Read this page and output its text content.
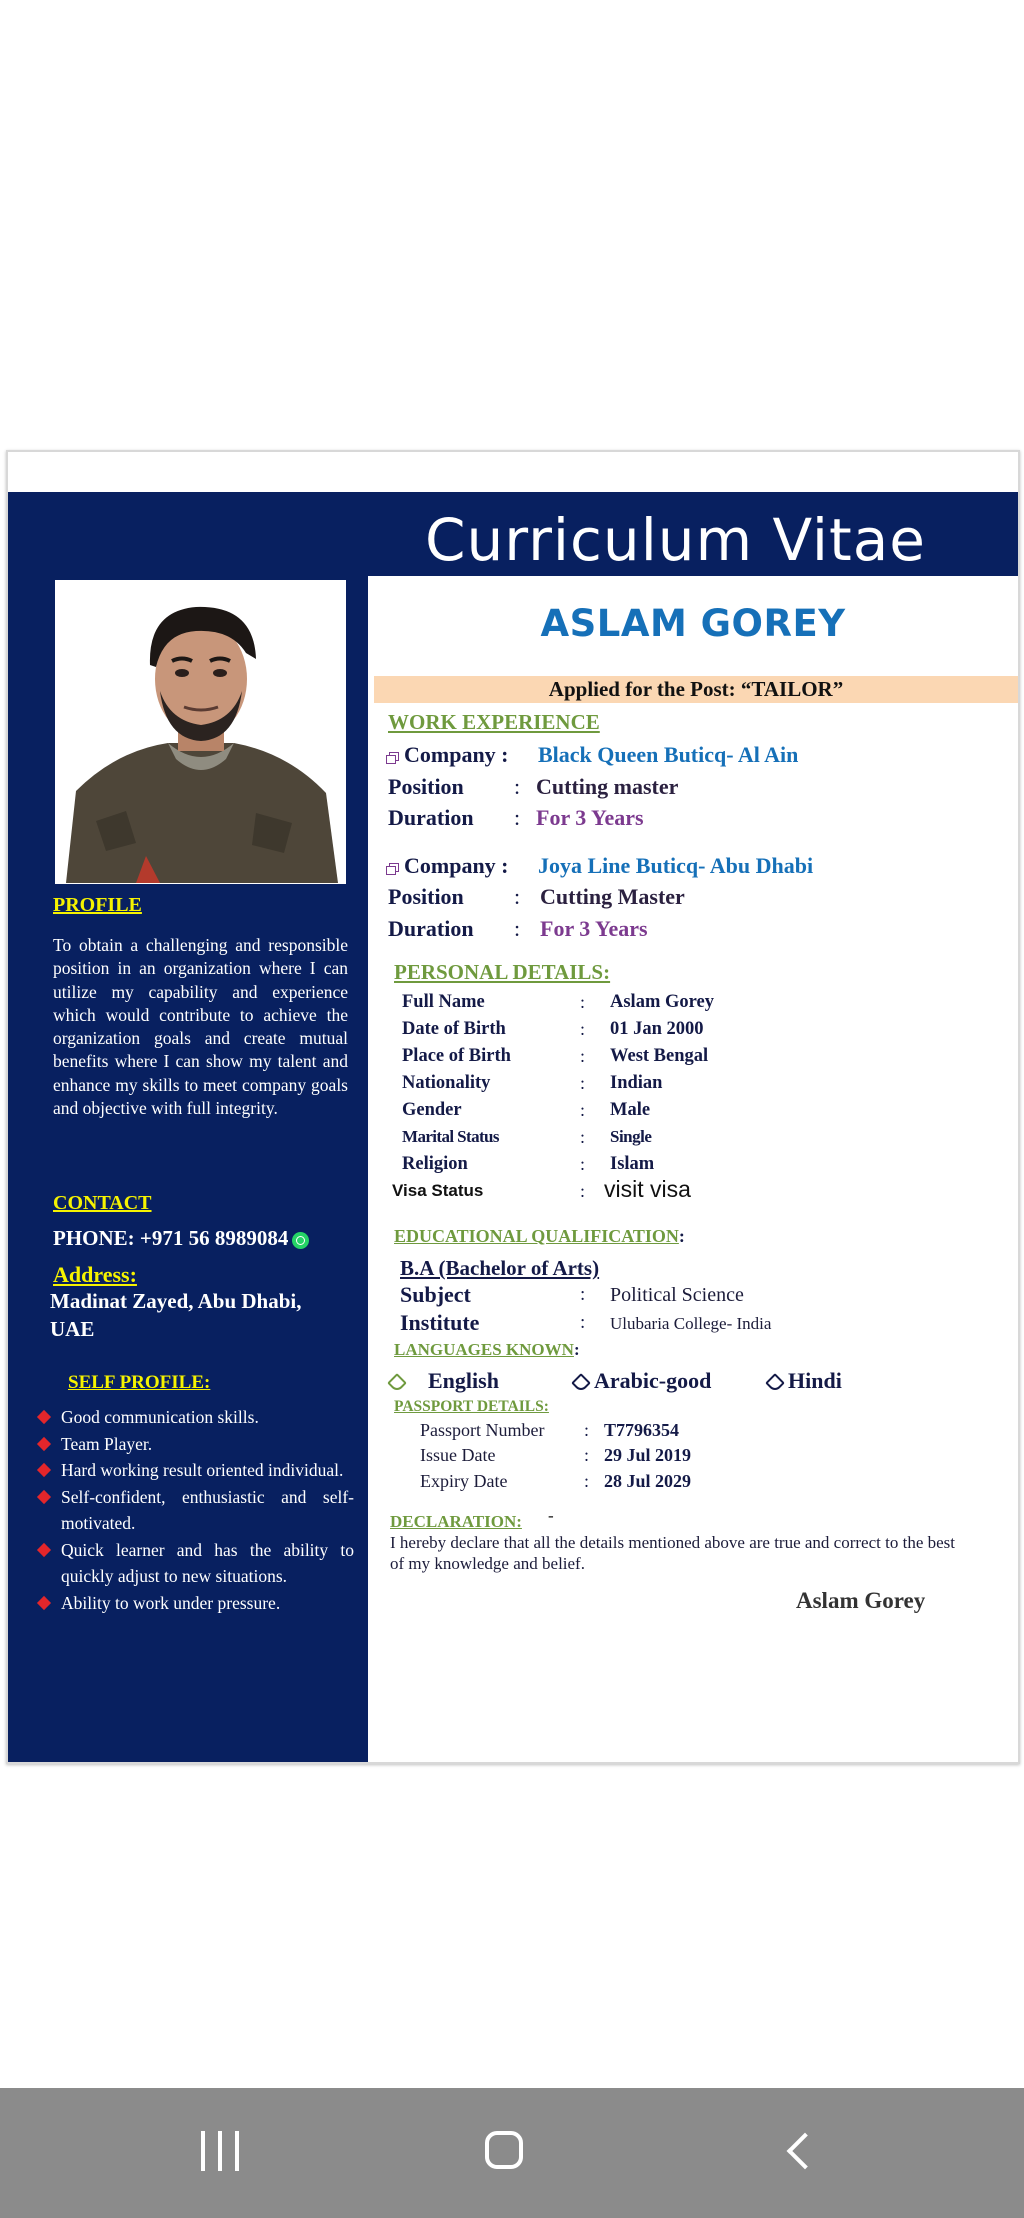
Curriculum Vitae
PROFILE
To obtain a challenging and responsible position in an organization where I can utilize my capability and experience which would contribute to achieve the organization goals and create mutual benefits where I can show my talent and enhance my skills to meet company goals and objective with full integrity.
CONTACT
PHONE: +971 56 8989084
Address:
Madinat Zayed, Abu Dhabi, UAE
SELF PROFILE:
Good communication skills.
Team Player.
Hard working result oriented individual.
Self-confident, enthusiastic and self-motivated.
Quick learner and has the ability to quickly adjust to new situations.
Ability to work under pressure.
ASLAM GOREY
Applied for the Post: “TAILOR”
WORK EXPERIENCE
Company : Black Queen Buticq- Al Ain
Position : Cutting master
Duration : For 3 Years
Company : Joya Line Buticq- Abu Dhabi
Position : Cutting Master
Duration : For 3 Years
PERSONAL DETAILS:
Full Name	: Aslam Gorey
Date of Birth	: 01 Jan 2000
Place of Birth	: West Bengal
Nationality	: Indian
Gender	: Male
Marital Status	: Single
Religion	: Islam
Visa Status	: visit visa
EDUCATIONAL QUALIFICATION:
B.A (Bachelor of Arts)
Subject	: Political Science
Institute	: Ulubaria College- India
LANGUAGES KNOWN:
English	Arabic-good	Hindi
PASSPORT DETAILS:
Passport Number : T7796354
Issue Date	: 29 Jul 2019
Expiry Date	: 28 Jul 2029
DECLARATION: -
I hereby declare that all the details mentioned above are true and correct to the best of my knowledge and belief.
Aslam Gorey
